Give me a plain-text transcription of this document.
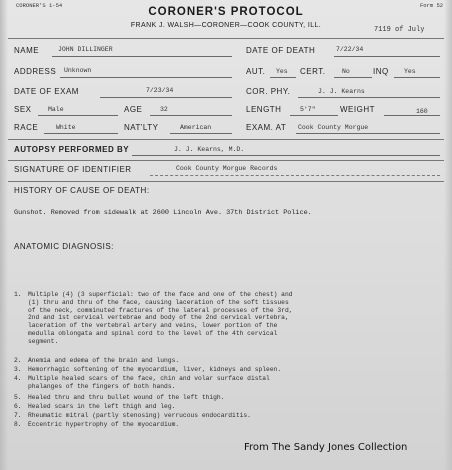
CORONER'S 1-54	Form 52
CORONER'S PROTOCOL
FRANK J. WALSH—CORONER—COOK COUNTY, ILL.
7119 of July
NAME	JOHN DILLINGER	DATE OF DEATH	7/22/34
ADDRESS Unknown	AUT. Yes CERT.	No	INQ Yes
DATE OF EXAM	7/23/34	COR. PHY.	J. J. Kearns
SEX	Male	AGE	32	LENGTH	5'7"	WEIGHT	160
RACE	White	NAT'LTY	American	EXAM. AT Cook County Morgue
AUTOPSY PERFORMED BY	J. J. Kearns, M.D.
SIGNATURE OF IDENTIFIER	Cook County Morgue Records
HISTORY OF CAUSE OF DEATH:
Gunshot. Removed from sidewalk at 2600 Lincoln Ave. 37th District Police.
ANATOMIC DIAGNOSIS:
1. Multiple (4) (3 superficial: two of the face and one of the chest) and
(1) thru and thru of the face, causing laceration of the soft tissues
of the neck, comminuted fractures of the lateral processes of the 3rd,
2nd and 1st cervical vertebrae and body of the 2nd cervical vertebra,
laceration of the vertebral artery and veins, lower portion of the
medulla oblongata and spinal cord to the level of the 4th cervical
segment.
2. Anemia and edema of the brain and lungs.
3. Hemorrhagic softening of the myocardium, liver, kidneys and spleen.
4. Multiple healed scars of the face, chin and volar surface distal
phalanges of the fingers of both hands.
5. Healed thru and thru bullet wound of the left thigh.
6. Healed scars in the left thigh and leg.
7. Rheumatic mitral (partly stenosing) verrucous endocarditis.
8. Eccentric hypertrophy of the myocardium.
From The Sandy Jones Collection
